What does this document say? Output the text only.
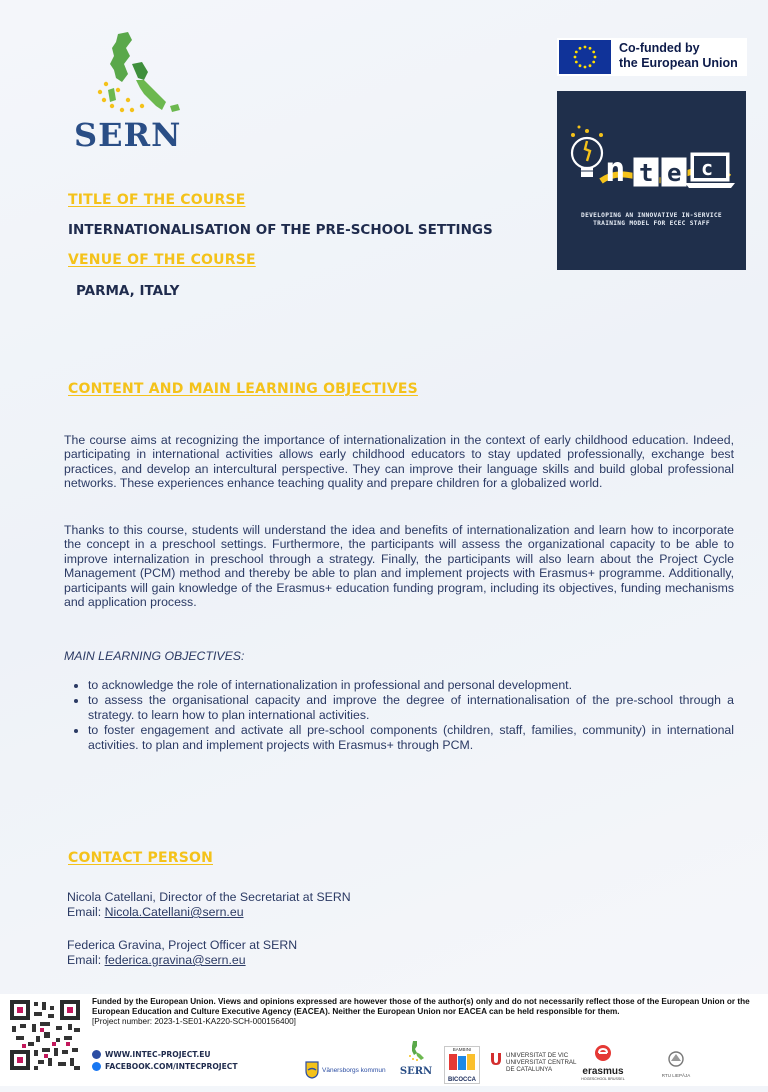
SERN
Co-funded by
the European Union
n t e c
DEVELOPING AN INNOVATIVE IN-SERVICE
TRAINING MODEL FOR ECEC STAFF
TITLE OF THE COURSE
INTERNATIONALISATION OF THE PRE-SCHOOL SETTINGS
VENUE OF THE COURSE
PARMA, ITALY
CONTENT AND MAIN LEARNING OBJECTIVES
The course aims at recognizing the importance of internationalization in the context of early childhood education. Indeed, participating in international activities allows early childhood educators to stay updated professionally, exchange best practices, and develop an intercultural perspective. They can improve their language skills and build global professional networks. These experiences enhance teaching quality and prepare children for a globalized world.
Thanks to this course, students will understand the idea and benefits of internationalization and learn how to incorporate the concept in a preschool settings. Furthermore, the participants will assess the organizational capacity to be able to improve internalization in preschool through a strategy. Finally, the participants will also learn about the Project Cycle Management (PCM) method and thereby be able to plan and implement projects with Erasmus+ programme. Additionally, participants will gain knowledge of the Erasmus+ education funding program, including its objectives, funding mechanisms and application process.
MAIN LEARNING OBJECTIVES:
• to acknowledge the role of internationalization in professional and personal development.
• to assess the organisational capacity and improve the degree of internationalisation of the pre-school through a strategy. to learn how to plan international activities.
• to foster engagement and activate all pre-school components (children, staff, families, community) in international activities. to plan and implement projects with Erasmus+ through PCM.
CONTACT PERSON
Nicola Catellani, Director of the Secretariat at SERN
Email: Nicola.Catellani@sern.eu
Federica Gravina, Project Officer at SERN
Email: federica.gravina@sern.eu
Funded by the European Union. Views and opinions expressed are however those of the author(s) only and do not necessarily reflect those of the European Union or the European Education and Culture Executive Agency (EACEA). Neither the European Union nor EACEA can be held responsible for them.
[Project number: 2023-1-SE01-KA220-SCH-000156400]
WWW.INTEC-PROJECT.EU
FACEBOOK.COM/INTECPROJECT	Vänersborgs kommun	SERN
BAMBINI
BICOCCA
UNIVERSITAT DE VIC
UNIVERSITAT CENTRAL
DE CATALUNYA	erasmus
HOGESCHOOL BRUSSEL
RTU LIEPĀJA
